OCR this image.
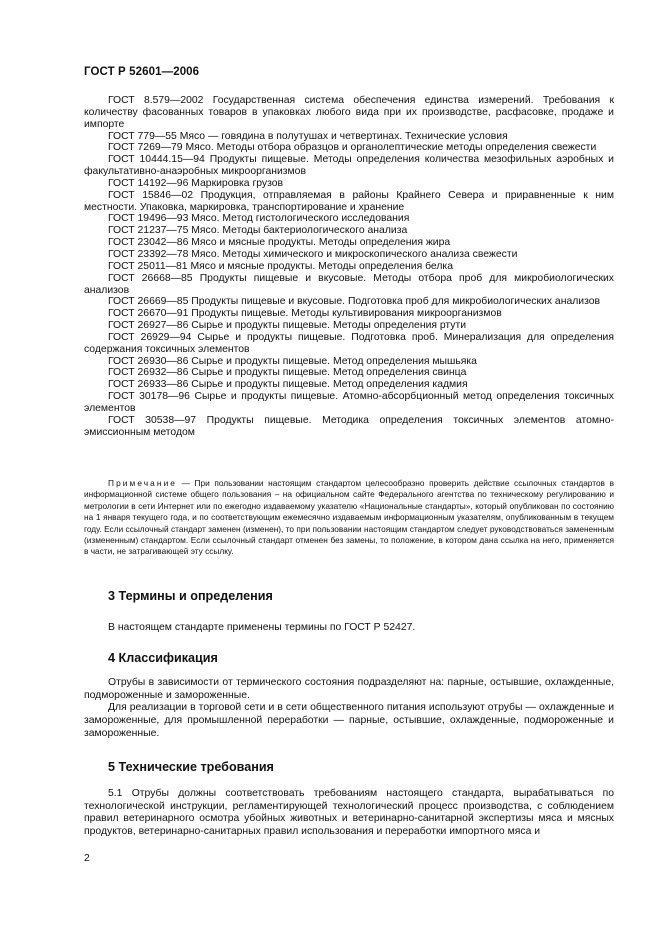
ГОСТ Р 52601—2006

ГОСТ 8.579—2002 Государственная система обеспечения единства измерений. Требования к количеству фасованных товаров в упаковках любого вида при их производстве, расфасовке, продаже и импорте

ГОСТ 779—55 Мясо — говядина в полутушах и четвертинах. Технические условия

ГОСТ 7269—79 Мясо. Методы отбора образцов и органолептические методы определения свежести

ГОСТ 10444.15—94 Продукты пищевые. Методы определения количества мезофильных аэробных и факультативно-анаэробных микроорганизмов

ГОСТ 14192—96 Маркировка грузов

ГОСТ 15846—02 Продукция, отправляемая в районы Крайнего Севера и приравненные к ним местности. Упаковка, маркировка, транспортирование и хранение

ГОСТ 19496—93 Мясо. Метод гистологического исследования

ГОСТ 21237—75 Мясо. Методы бактериологического анализа

ГОСТ 23042—86 Мясо и мясные продукты. Методы определения жира

ГОСТ 23392—78 Мясо. Методы химического и микроскопического анализа свежести

ГОСТ 25011—81 Мясо и мясные продукты. Методы определения белка

ГОСТ 26668—85 Продукты пищевые и вкусовые. Методы отбора проб для микробиологических анализов

ГОСТ 26669—85 Продукты пищевые и вкусовые. Подготовка проб для микробиологических анализов

ГОСТ 26670—91 Продукты пищевые. Методы культивирования микроорганизмов

ГОСТ 26927—86 Сырье и продукты пищевые. Методы определения ртути

ГОСТ 26929—94 Сырье и продукты пищевые. Подготовка проб. Минерализация для определения содержания токсичных элементов

ГОСТ 26930—86 Сырье и продукты пищевые. Метод определения мышьяка

ГОСТ 26932—86 Сырье и продукты пищевые. Метод определения свинца

ГОСТ 26933—86 Сырье и продукты пищевые. Метод определения кадмия

ГОСТ 30178—96 Сырье и продукты пищевые. Атомно-абсорбционный метод определения токсичных элементов

ГОСТ 30538—97 Продукты пищевые. Методика определения токсичных элементов атомно-эмиссионным методом

Примечание — При пользовании настоящим стандартом целесообразно проверить действие ссылочных стандартов в информационной системе общего пользования – на официальном сайте Федерального агентства по техническому регулированию и метрологии в сети Интернет или по ежегодно издаваемому указателю «Национальные стандарты», который опубликован по состоянию на 1 января текущего года, и по соответствующим ежемесячно издаваемым информационным указателям, опубликованным в текущем году. Если ссылочный стандарт заменен (изменен), то при пользовании настоящим стандартом следует руководствоваться замененным (измененным) стандартом. Если ссылочный стандарт отменен без замены, то положение, в котором дана ссылка на него, применяется в части, не затрагивающей эту ссылку.

3 Термины и определения

В настоящем стандарте применены термины по ГОСТ Р 52427.

4 Классификация

Отрубы в зависимости от термического состояния подразделяют на: парные, остывшие, охлажденные, подмороженные и замороженные.

Для реализации в торговой сети и в сети общественного питания используют отрубы — охлажденные и замороженные, для промышленной переработки — парные, остывшие, охлажденные, подмороженные и замороженные.

5 Технические требования

5.1 Отрубы должны соответствовать требованиям настоящего стандарта, вырабатываться по технологической инструкции, регламентирующей технологический процесс производства, с соблюдением правил ветеринарного осмотра убойных животных и ветеринарно-санитарной экспертизы мяса и мясных продуктов, ветеринарно-санитарных правил использования и переработки импортного мяса и

2
